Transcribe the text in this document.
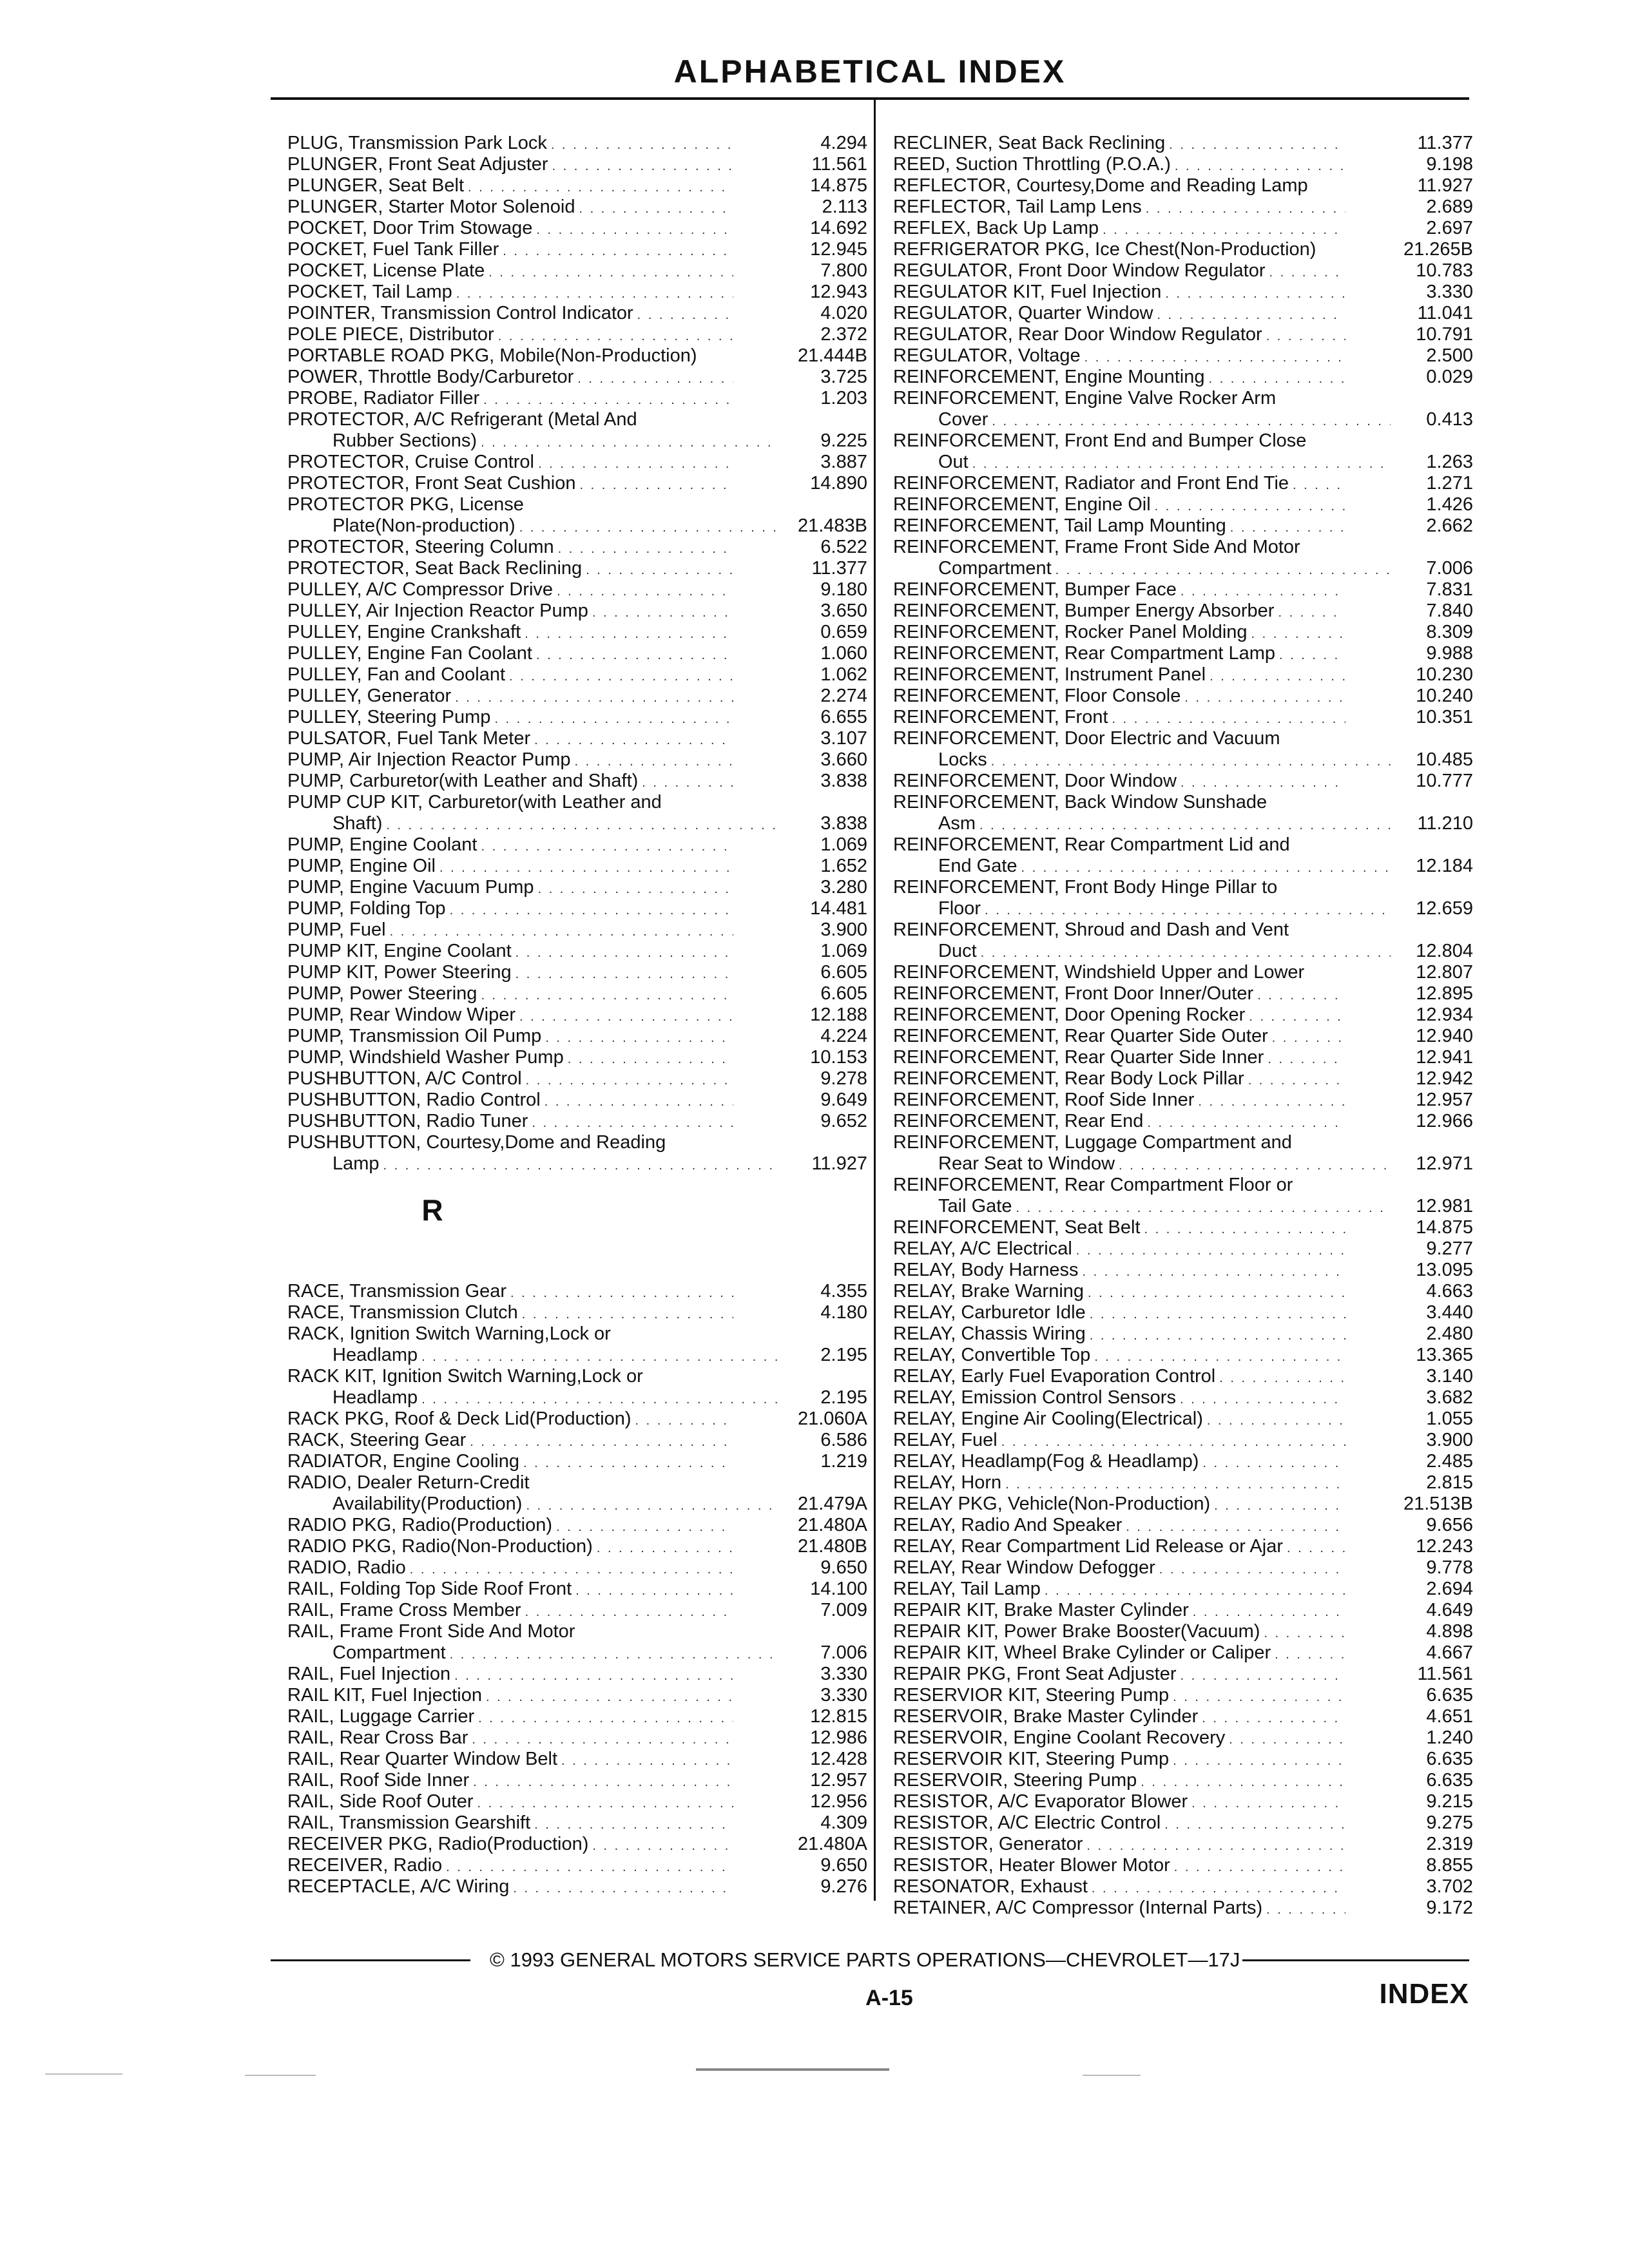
ALPHABETICAL INDEX
PLUG, Transmission Park Lock . . .	4.294
PLUNGER, Front Seat Adjuster . . .	11.561
PLUNGER, Seat Belt . . .	14.875
PLUNGER, Starter Motor Solenoid . . .	2.113
POCKET, Door Trim Stowage . . .	14.692
POCKET, Fuel Tank Filler . . .	12.945
POCKET, License Plate . . .	7.800
POCKET, Tail Lamp . . .	12.943
POINTER, Transmission Control Indicator . . .	4.020
POLE PIECE, Distributor . . .	2.372
PORTABLE ROAD PKG, Mobile(Non-Production)	21.444B
POWER, Throttle Body/Carburetor . . .	3.725
PROBE, Radiator Filler . . .	1.203
PROTECTOR, A/C Refrigerant (Metal And
Rubber Sections) . . .	9.225
PROTECTOR, Cruise Control . . .	3.887
PROTECTOR, Front Seat Cushion . . .	14.890
PROTECTOR PKG, License
Plate(Non-production) . . .	21.483B
PROTECTOR, Steering Column . . .	6.522
PROTECTOR, Seat Back Reclining . . .	11.377
PULLEY, A/C Compressor Drive . . .	9.180
PULLEY, Air Injection Reactor Pump . . .	3.650
PULLEY, Engine Crankshaft . . .	0.659
PULLEY, Engine Fan Coolant . . .	1.060
PULLEY, Fan and Coolant . . .	1.062
PULLEY, Generator . . .	2.274
PULLEY, Steering Pump . . .	6.655
PULSATOR, Fuel Tank Meter . . .	3.107
PUMP, Air Injection Reactor Pump . . .	3.660
PUMP, Carburetor(with Leather and Shaft) . . .	3.838
PUMP CUP KIT, Carburetor(with Leather and
Shaft) . . .	3.838
PUMP, Engine Coolant . . .	1.069
PUMP, Engine Oil . . .	1.652
PUMP, Engine Vacuum Pump . . .	3.280
PUMP, Folding Top . . .	14.481
PUMP, Fuel . . .	3.900
PUMP KIT, Engine Coolant . . .	1.069
PUMP KIT, Power Steering . . .	6.605
PUMP, Power Steering . . .	6.605
PUMP, Rear Window Wiper . . .	12.188
PUMP, Transmission Oil Pump . . .	4.224
PUMP, Windshield Washer Pump . . .	10.153
PUSHBUTTON, A/C Control . . .	9.278
PUSHBUTTON, Radio Control . . .	9.649
PUSHBUTTON, Radio Tuner . . .	9.652
PUSHBUTTON, Courtesy,Dome and Reading
Lamp . . .	11.927
R
RACE, Transmission Gear . . .	4.355
RACE, Transmission Clutch . . .	4.180
RACK, Ignition Switch Warning,Lock or
Headlamp . . .	2.195
RACK KIT, Ignition Switch Warning,Lock or
Headlamp . . .	2.195
RACK PKG, Roof & Deck Lid(Production) . . .	21.060A
RACK, Steering Gear . . .	6.586
RADIATOR, Engine Cooling . . .	1.219
RADIO, Dealer Return-Credit
Availability(Production) . . .	21.479A
RADIO PKG, Radio(Production) . . .	21.480A
RADIO PKG, Radio(Non-Production) . . .	21.480B
RADIO, Radio . . .	9.650
RAIL, Folding Top Side Roof Front . . .	14.100
RAIL, Frame Cross Member . . .	7.009
RAIL, Frame Front Side And Motor
Compartment . . .	7.006
RAIL, Fuel Injection . . .	3.330
RAIL KIT, Fuel Injection . . .	3.330
RAIL, Luggage Carrier . . .	12.815
RAIL, Rear Cross Bar . . .	12.986
RAIL, Rear Quarter Window Belt . . .	12.428
RAIL, Roof Side Inner . . .	12.957
RAIL, Side Roof Outer . . .	12.956
RAIL, Transmission Gearshift . . .	4.309
RECEIVER PKG, Radio(Production) . . .	21.480A
RECEIVER, Radio . . .	9.650
RECEPTACLE, A/C Wiring . . .	9.276
RECLINER, Seat Back Reclining . . .	11.377
REED, Suction Throttling (P.O.A.) . . .	9.198
REFLECTOR, Courtesy,Dome and Reading Lamp	11.927
REFLECTOR, Tail Lamp Lens . . .	2.689
REFLEX, Back Up Lamp . . .	2.697
REFRIGERATOR PKG, Ice Chest(Non-Production)	21.265B
REGULATOR, Front Door Window Regulator . . .	10.783
REGULATOR KIT, Fuel Injection . . .	3.330
REGULATOR, Quarter Window . . .	11.041
REGULATOR, Rear Door Window Regulator . . .	10.791
REGULATOR, Voltage . . .	2.500
REINFORCEMENT, Engine Mounting . . .	0.029
REINFORCEMENT, Engine Valve Rocker Arm
Cover . . .	0.413
REINFORCEMENT, Front End and Bumper Close
Out . . .	1.263
REINFORCEMENT, Radiator and Front End Tie . . .	1.271
REINFORCEMENT, Engine Oil . . .	1.426
REINFORCEMENT, Tail Lamp Mounting . . .	2.662
REINFORCEMENT, Frame Front Side And Motor
Compartment . . .	7.006
REINFORCEMENT, Bumper Face . . .	7.831
REINFORCEMENT, Bumper Energy Absorber . . .	7.840
REINFORCEMENT, Rocker Panel Molding . . .	8.309
REINFORCEMENT, Rear Compartment Lamp . . .	9.988
REINFORCEMENT, Instrument Panel . . .	10.230
REINFORCEMENT, Floor Console . . .	10.240
REINFORCEMENT, Front . . .	10.351
REINFORCEMENT, Door Electric and Vacuum
Locks . . .	10.485
REINFORCEMENT, Door Window . . .	10.777
REINFORCEMENT, Back Window Sunshade
Asm . . .	11.210
REINFORCEMENT, Rear Compartment Lid and
End Gate . . .	12.184
REINFORCEMENT, Front Body Hinge Pillar to
Floor . . .	12.659
REINFORCEMENT, Shroud and Dash and Vent
Duct . . .	12.804
REINFORCEMENT, Windshield Upper and Lower	12.807
REINFORCEMENT, Front Door Inner/Outer . . .	12.895
REINFORCEMENT, Door Opening Rocker . . .	12.934
REINFORCEMENT, Rear Quarter Side Outer . . .	12.940
REINFORCEMENT, Rear Quarter Side Inner . . .	12.941
REINFORCEMENT, Rear Body Lock Pillar . . .	12.942
REINFORCEMENT, Roof Side Inner . . .	12.957
REINFORCEMENT, Rear End . . .	12.966
REINFORCEMENT, Luggage Compartment and
Rear Seat to Window . . .	12.971
REINFORCEMENT, Rear Compartment Floor or
Tail Gate . . .	12.981
REINFORCEMENT, Seat Belt . . .	14.875
RELAY, A/C Electrical . . .	9.277
RELAY, Body Harness . . .	13.095
RELAY, Brake Warning . . .	4.663
RELAY, Carburetor Idle . . .	3.440
RELAY, Chassis Wiring . . .	2.480
RELAY, Convertible Top . . .	13.365
RELAY, Early Fuel Evaporation Control . . .	3.140
RELAY, Emission Control Sensors . . .	3.682
RELAY, Engine Air Cooling(Electrical) . . .	1.055
RELAY, Fuel . . .	3.900
RELAY, Headlamp(Fog & Headlamp) . . .	2.485
RELAY, Horn . . .	2.815
RELAY PKG, Vehicle(Non-Production) . . .	21.513B
RELAY, Radio And Speaker . . .	9.656
RELAY, Rear Compartment Lid Release or Ajar . . .	12.243
RELAY, Rear Window Defogger . . .	9.778
RELAY, Tail Lamp . . .	2.694
REPAIR KIT, Brake Master Cylinder . . .	4.649
REPAIR KIT, Power Brake Booster(Vacuum) . . .	4.898
REPAIR KIT, Wheel Brake Cylinder or Caliper . . .	4.667
REPAIR PKG, Front Seat Adjuster . . .	11.561
RESERVIOR KIT, Steering Pump . . .	6.635
RESERVOIR, Brake Master Cylinder . . .	4.651
RESERVOIR, Engine Coolant Recovery . . .	1.240
RESERVOIR KIT, Steering Pump . . .	6.635
RESERVOIR, Steering Pump . . .	6.635
RESISTOR, A/C Evaporator Blower . . .	9.215
RESISTOR, A/C Electric Control . . .	9.275
RESISTOR, Generator . . .	2.319
RESISTOR, Heater Blower Motor . . .	8.855
RESONATOR, Exhaust . . .	3.702
RETAINER, A/C Compressor (Internal Parts) . . .	9.172
© 1993 GENERAL MOTORS SERVICE PARTS OPERATIONS—CHEVROLET—17J
A-15	INDEX
